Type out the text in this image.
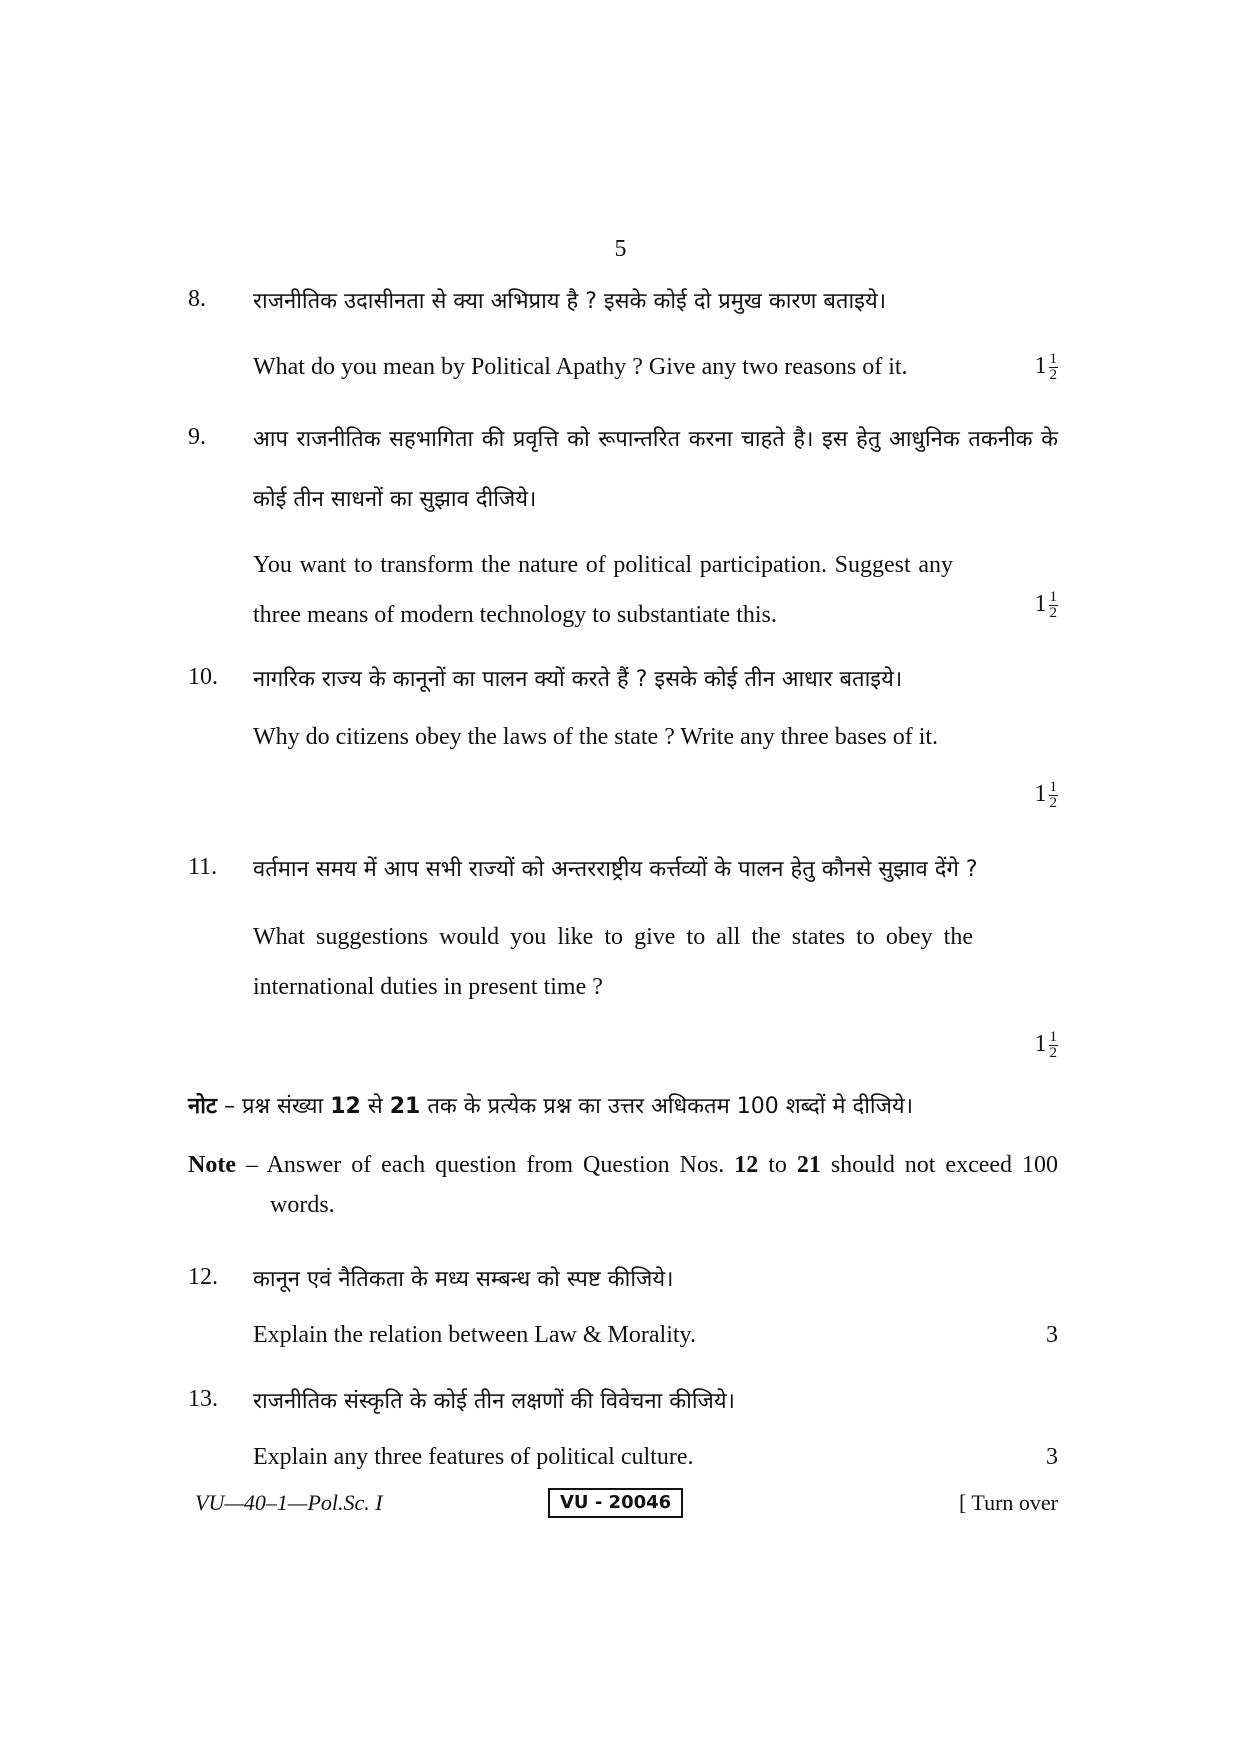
5
8.	राजनीतिक उदासीनता से क्या अभिप्राय है ? इसके कोई दो प्रमुख कारण बताइये।
What do you mean by Political Apathy ? Give any two reasons of it.	$1 \frac{1}{2}$
9.	आप राजनीतिक सहभागिता की प्रवृत्ति को रूपान्तरित करना चाहते है। इस हेतु आधुनिक तकनीक के कोई तीन साधनों का सुझाव दीजिये।
You want to transform the nature of political participation. Suggest any three means of modern technology to substantiate this.	$1 \frac{1}{2}$
10.	नागरिक राज्य के कानूनों का पालन क्यों करते हैं ? इसके कोई तीन आधार बताइये।
Why do citizens obey the laws of the state ? Write any three bases of it.
$1 \frac{1}{2}$
11.	वर्तमान समय में आप सभी राज्यों को अन्तरराष्ट्रीय कर्त्तव्यों के पालन हेतु कौनसे सुझाव देंगे ?
What suggestions would you like to give to all the states to obey the international duties in present time ?
$1 \frac{1}{2}$
नोट – प्रश्न संख्या 12 से 21 तक के प्रत्येक प्रश्न का उत्तर अधिकतम 100 शब्दों मे दीजिये।
Note – Answer of each question from Question Nos. 12 to 21 should not exceed 100 words.
12.	कानून एवं नैतिकता के मध्य सम्बन्ध को स्पष्ट कीजिये।
Explain the relation between Law & Morality.	3
13.	राजनीतिक संस्कृति के कोई तीन लक्षणों की विवेचना कीजिये।
Explain any three features of political culture.	3
VU—40–1—Pol.Sc. I	VU - 20046	[ Turn over
